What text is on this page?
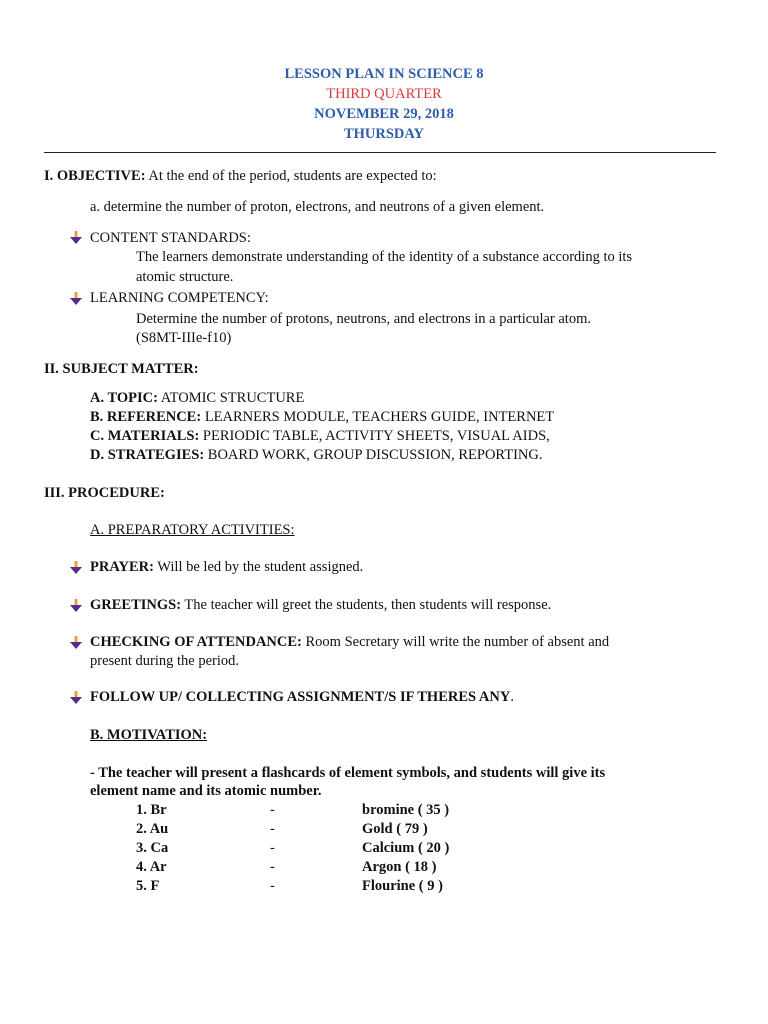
LESSON PLAN IN SCIENCE 8
THIRD QUARTER
NOVEMBER 29, 2018
THURSDAY
I. OBJECTIVE: At the end of the period, students are expected to:
a. determine the number of proton, electrons, and neutrons of a given element.
CONTENT STANDARDS:
The learners demonstrate understanding of the identity of a substance according to its
atomic structure.
LEARNING COMPETENCY:
Determine the number of protons, neutrons, and electrons in a particular atom.
(S8MT-IIIe-f10)
II. SUBJECT MATTER:
A. TOPIC: ATOMIC STRUCTURE
B. REFERENCE: LEARNERS MODULE, TEACHERS GUIDE, INTERNET
C. MATERIALS: PERIODIC TABLE, ACTIVITY SHEETS, VISUAL AIDS,
D. STRATEGIES: BOARD WORK, GROUP DISCUSSION, REPORTING.
III. PROCEDURE:
A. PREPARATORY ACTIVITIES:
PRAYER: Will be led by the student assigned.
GREETINGS: The teacher will greet the students, then students will response.
CHECKING OF ATTENDANCE: Room Secretary will write the number of absent and
present during the period.
FOLLOW UP/ COLLECTING ASSIGNMENT/S IF THERES ANY.
B. MOTIVATION:
- The teacher will present a flashcards of element symbols, and students will give its
element name and its atomic number.
1. Br	-	bromine ( 35 )
2. Au	-	Gold ( 79 )
3. Ca	-	Calcium ( 20 )
4. Ar	-	Argon ( 18 )
5. F	-	Flourine ( 9 )
